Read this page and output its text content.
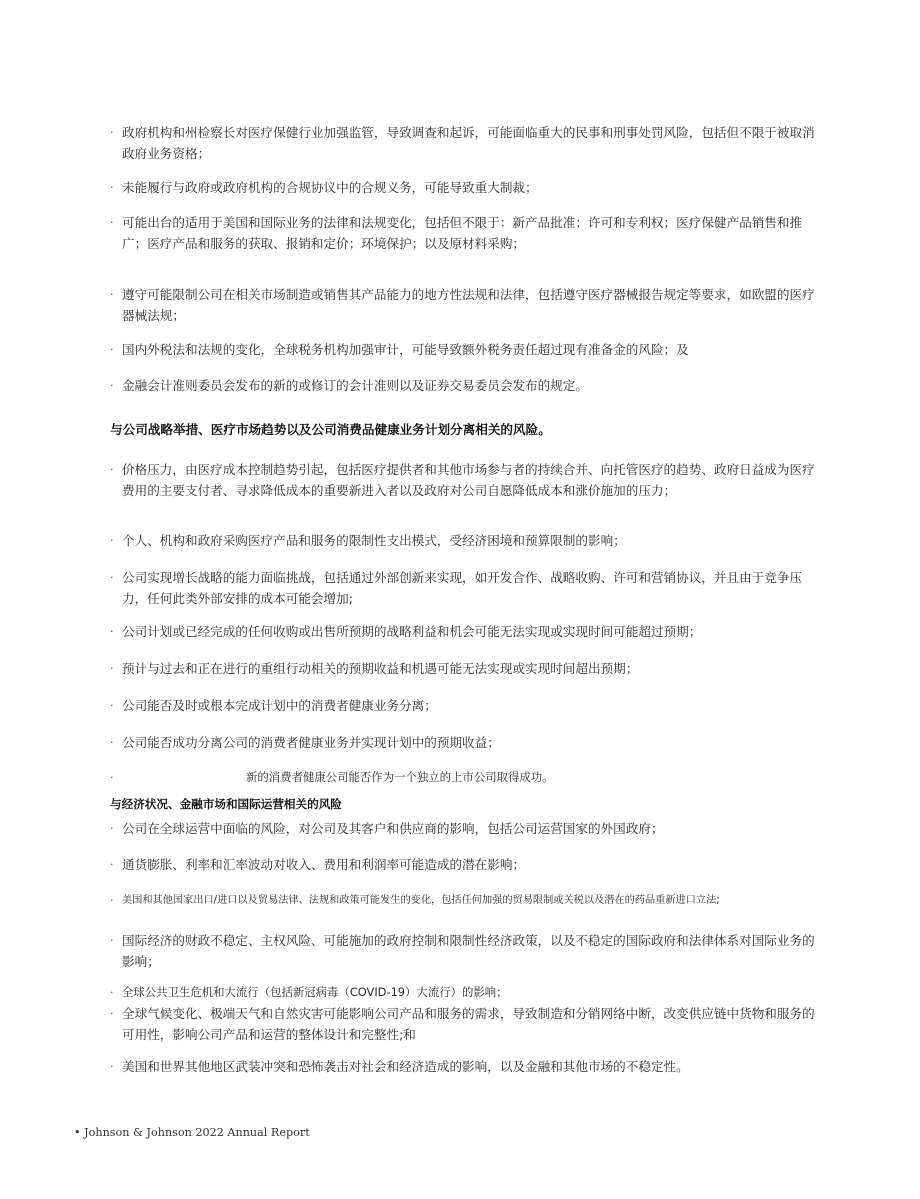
· 政府机构和州检察长对医疗保健行业加强监管，导致调查和起诉，可能面临重大的民事和刑事处罚风险，包括但不限于被取消政府业务资格；
· 未能履行与政府或政府机构的合规协议中的合规义务，可能导致重大制裁；
· 可能出台的适用于美国和国际业务的法律和法规变化，包括但不限于：新产品批准；许可和专利权；医疗保健产品销售和推广；医疗产品和服务的获取、报销和定价；环境保护；以及原材料采购；
· 遵守可能限制公司在相关市场制造或销售其产品能力的地方性法规和法律，包括遵守医疗器械报告规定等要求，如欧盟的医疗器械法规；
· 国内外税法和法规的变化，全球税务机构加强审计，可能导致额外税务责任超过现有准备金的风险；及
· 金融会计准则委员会发布的新的或修订的会计准则以及证券交易委员会发布的规定。
与公司战略举措、医疗市场趋势以及公司消费品健康业务计划分离相关的风险。
· 价格压力，由医疗成本控制趋势引起，包括医疗提供者和其他市场参与者的持续合并、向托管医疗的趋势、政府日益成为医疗费用的主要支付者、寻求降低成本的重要新进入者以及政府对公司自愿降低成本和涨价施加的压力；
· 个人、机构和政府采购医疗产品和服务的限制性支出模式，受经济困境和预算限制的影响；
· 公司实现增长战略的能力面临挑战，包括通过外部创新来实现，如开发合作、战略收购、许可和营销协议，并且由于竞争压力，任何此类外部安排的成本可能会增加;
· 公司计划或已经完成的任何收购或出售所预期的战略利益和机会可能无法实现或实现时间可能超过预期；
· 预计与过去和正在进行的重组行动相关的预期收益和机遇可能无法实现或实现时间超出预期；
· 公司能否及时或根本完成计划中的消费者健康业务分离；
· 公司能否成功分离公司的消费者健康业务并实现计划中的预期收益；
·	新的消费者健康公司能否作为一个独立的上市公司取得成功。
与经济状况、金融市场和国际运营相关的风险
· 公司在全球运营中面临的风险，对公司及其客户和供应商的影响，包括公司运营国家的外国政府；
· 通货膨胀、利率和汇率波动对收入、费用和利润率可能造成的潜在影响；
· 美国和其他国家出口/进口以及贸易法律、法规和政策可能发生的变化，包括任何加强的贸易限制或关税以及潜在的药品重新进口立法;
· 国际经济的财政不稳定、主权风险、可能施加的政府控制和限制性经济政策，以及不稳定的国际政府和法律体系对国际业务的影响；
· 全球公共卫生危机和大流行（包括新冠病毒（COVID-19）大流行）的影响；
· 全球气候变化、极端天气和自然灾害可能影响公司产品和服务的需求，导致制造和分销网络中断，改变供应链中货物和服务的可用性，影响公司产品和运营的整体设计和完整性;和
· 美国和世界其他地区武装冲突和恐怖袭击对社会和经济造成的影响，以及金融和其他市场的不稳定性。
• Johnson & Johnson 2022 Annual Report
